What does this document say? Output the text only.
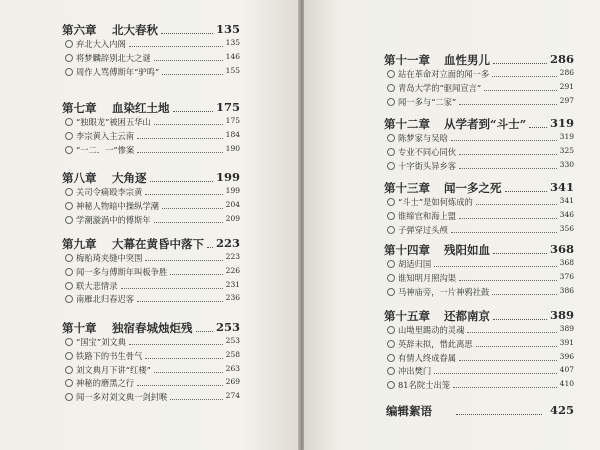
第六章 北大春秋	135
弃北大入内阁	135
将梦麟辞别北大之谜	146
周作人骂傅斯年“驴鸣”	155
第七章 血染红土地	175
“独眼龙”被困五华山	175
李宗黄入主云南	184
“一二．一”惨案	190
第八章 大角逐	199
关司令痛殴李宗黄	199
神秘人物暗中操纵学潮	204
学潮漩涡中的傅斯年	209
第九章 大幕在黄昏中落下 223
梅贻琦夹缝中突围	223
闻一多与傅斯年叫板争胜	226
联大悲情录	231
南雁北归春迟客	236
第十章 独宿春城烛炬残 253
“国宝”刘文典	253
铁路下的书生骨气	258
刘文典月下讲“红楼”	263
神秘的磨黑之行	269
闻一多对刘文典一剑封喉	274
第十一章 血性男儿	286
站在革命对立面的闻一多	286
青岛大学的“驱闻宣言”	291
闻一多与“二家”	297
第十二章 从学者到“斗士” 319
陈梦家与吴晗	319
专业不同心同伙	325
十字街头异乡客	330
第十三章 闻一多之死	341
“斗士”是如何炼成的	341
谁缔官和海上盟	346
子弹穿过头颅	356
第十四章 残阳如血	368
胡适归国	368
谁知明月照沟渠	376
马神庙旁，一片神鸦社鼓	386
第十五章 还都南京	389
山坳里踢动的灵魂	389
英辞未拟，惜此离思	391
有情人终成眷属	396
冲出樊门	407
81名院士出笼	410
编辑絮语	425
